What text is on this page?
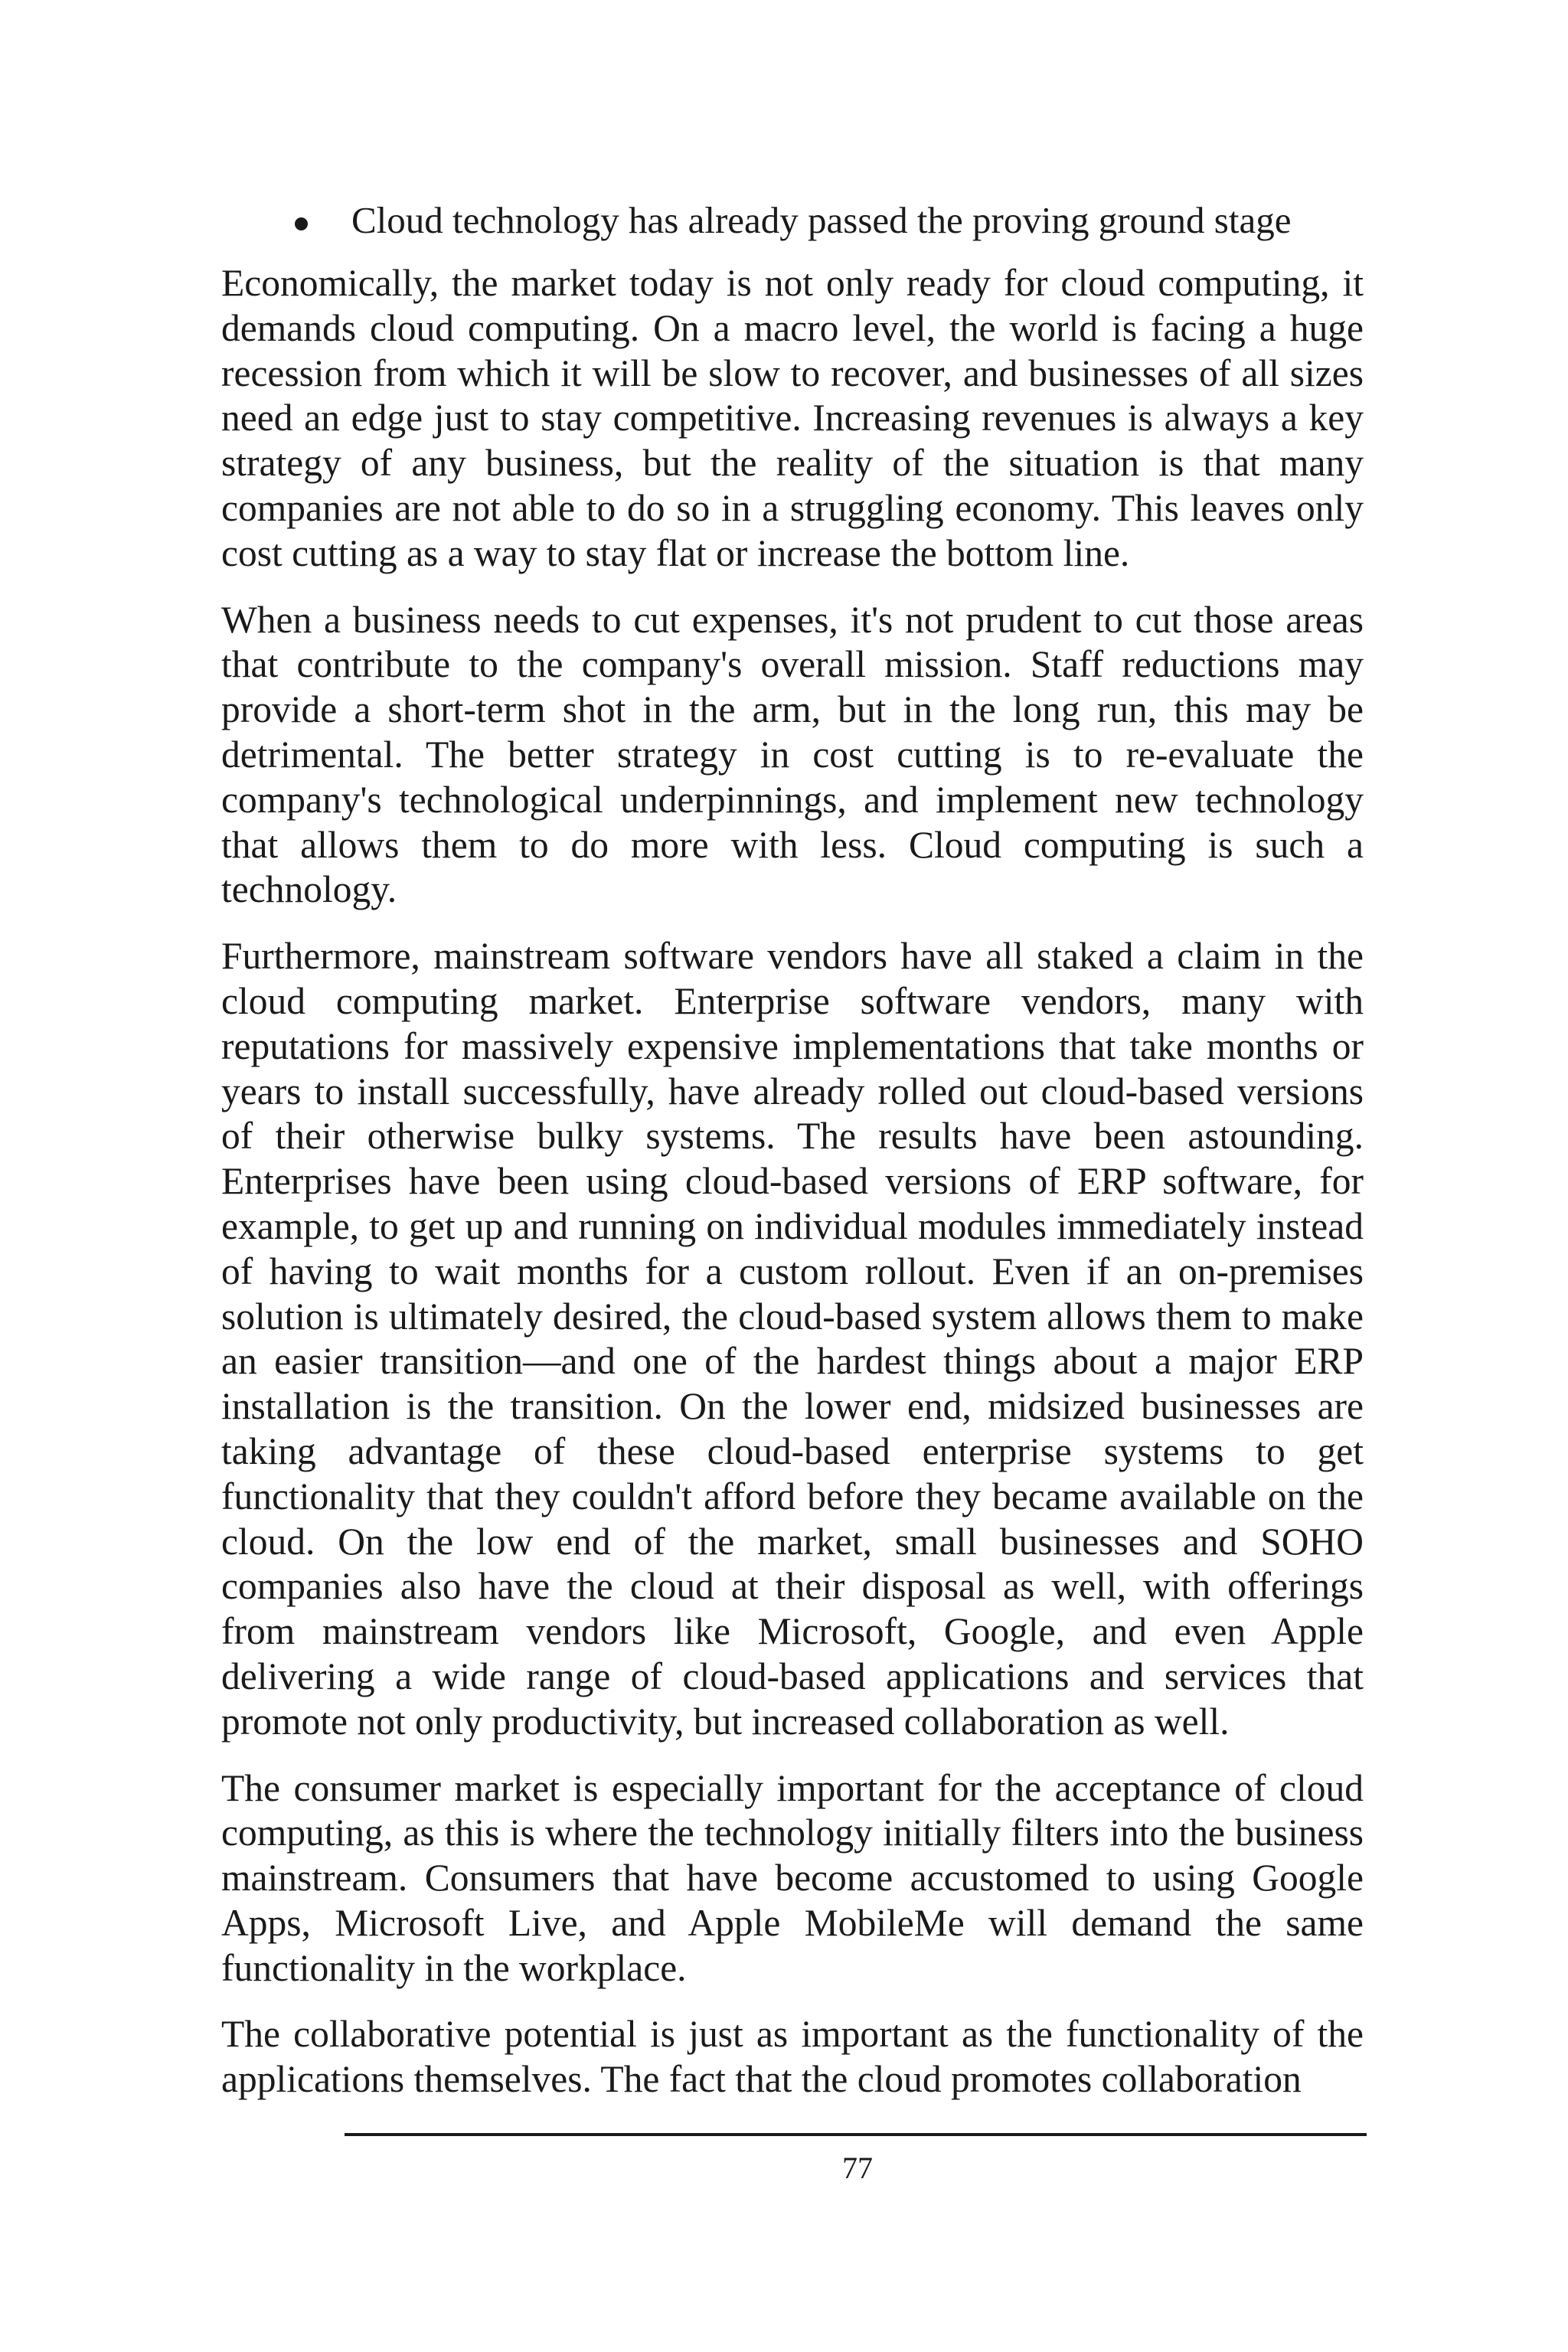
Cloud technology has already passed the proving ground stage

Economically, the market today is not only ready for cloud computing, it demands cloud computing. On a macro level, the world is facing a huge recession from which it will be slow to recover, and businesses of all sizes need an edge just to stay competitive. Increasing revenues is always a key strategy of any business, but the reality of the situation is that many companies are not able to do so in a struggling economy. This leaves only cost cutting as a way to stay flat or increase the bottom line.

When a business needs to cut expenses, it's not prudent to cut those areas that contribute to the company's overall mission. Staff reductions may provide a short-term shot in the arm, but in the long run, this may be detrimental. The better strategy in cost cutting is to re-evaluate the company's technological underpinnings, and implement new technology that allows them to do more with less. Cloud computing is such a technology.

Furthermore, mainstream software vendors have all staked a claim in the cloud computing market. Enterprise software vendors, many with reputations for massively expensive implementations that take months or years to install successfully, have already rolled out cloud-based versions of their otherwise bulky systems. The results have been astounding. Enterprises have been using cloud-based versions of ERP software, for example, to get up and running on individual modules immediately instead of having to wait months for a custom rollout. Even if an on-premises solution is ultimately desired, the cloud-based system allows them to make an easier transition—and one of the hardest things about a major ERP installation is the transition. On the lower end, midsized businesses are taking advantage of these cloud-based enterprise systems to get functionality that they couldn't afford before they became available on the cloud. On the low end of the market, small businesses and SOHO companies also have the cloud at their disposal as well, with offerings from mainstream vendors like Microsoft, Google, and even Apple delivering a wide range of cloud-based applications and services that promote not only productivity, but increased collaboration as well.

The consumer market is especially important for the acceptance of cloud computing, as this is where the technology initially filters into the business mainstream. Consumers that have become accustomed to using Google Apps, Microsoft Live, and Apple MobileMe will demand the same functionality in the workplace.

The collaborative potential is just as important as the functionality of the applications themselves. The fact that the cloud promotes collaboration

77
